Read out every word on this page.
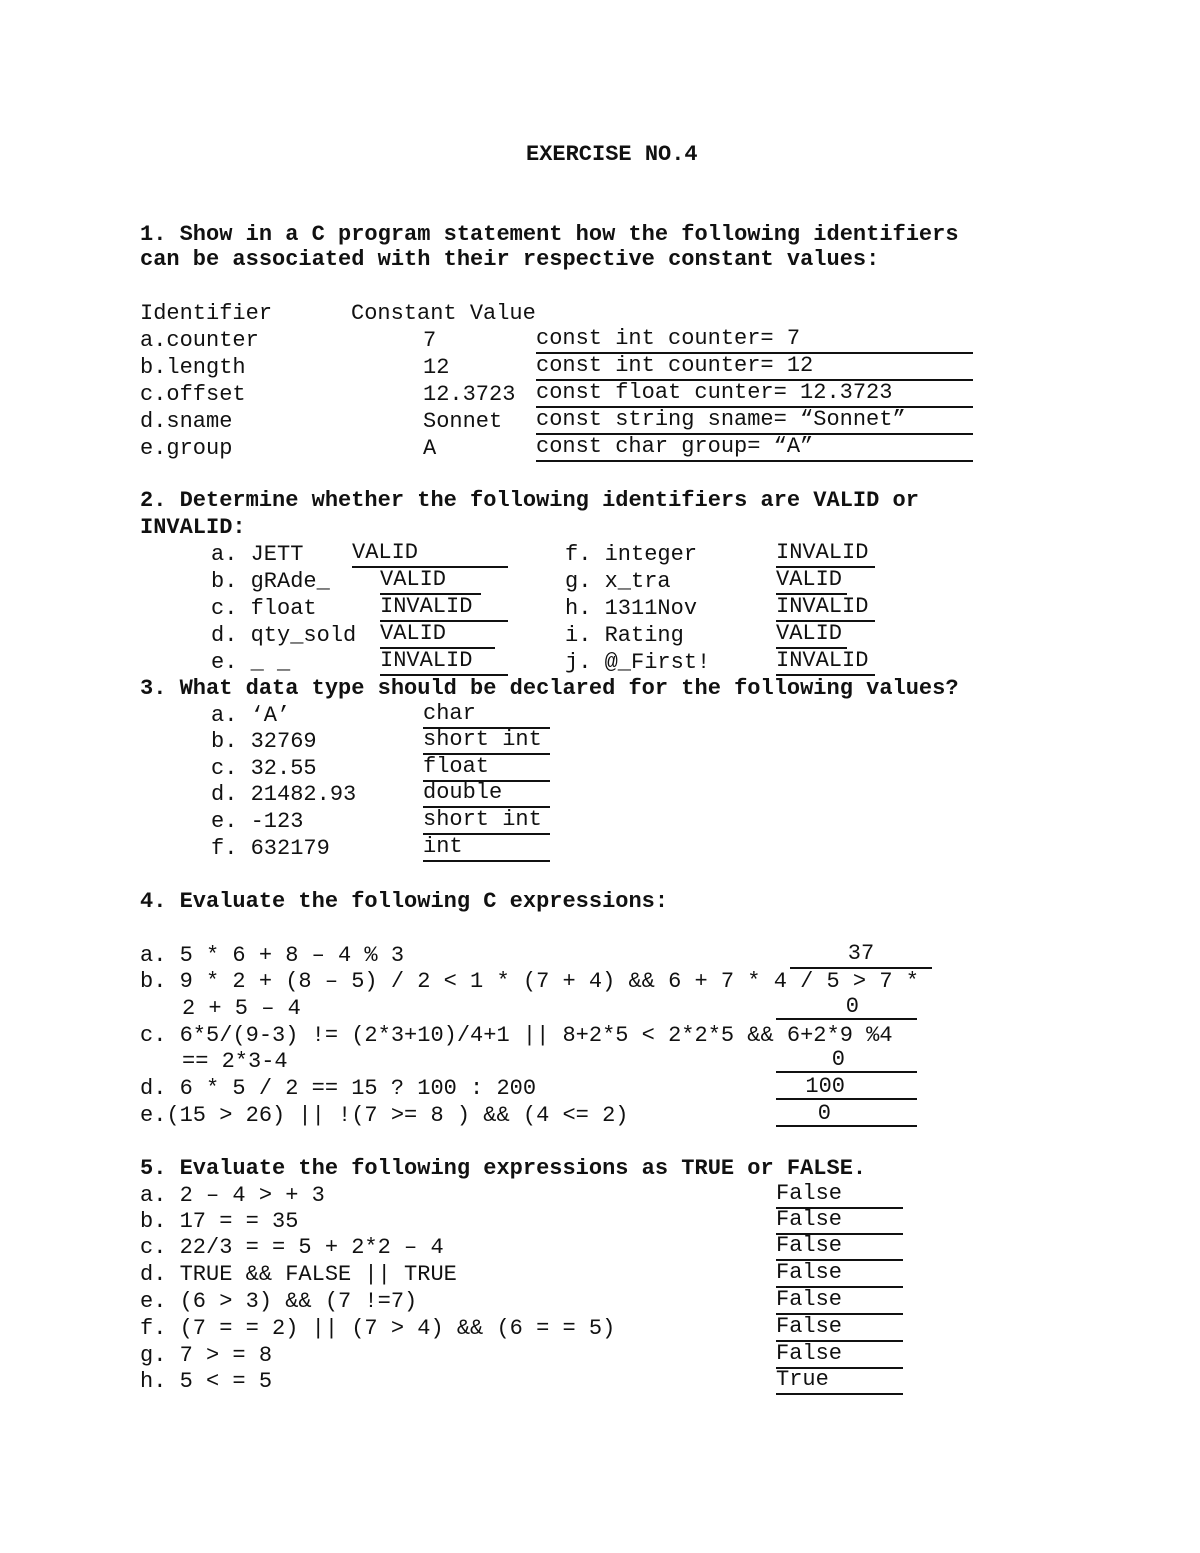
EXERCISE NO.4
1. Show in a C program statement how the following identifiers
can be associated with their respective constant values:
Identifier	Constant Value
a.counter	7	const int counter= 7
b.length	12	const int counter= 12
c.offset	12.3723 const float cunter= 12.3723
d.sname	Sonnet const string sname= “Sonnet”
e.group	A	const char group= “A”
2. Determine whether the following identifiers are VALID or
INVALID:
a. JETT VALID
b. gRAde_ VALID
c. float	INVALID
d. qty_sold VALID
e. _ _	INVALID
f. integer	INVALID
g. x_tra	VALID
h. 1311Nov	INVALID
i. Rating	VALID
j. @_First!	INVALID
3. What data type should be declared for the following values?
a. ‘A’	char
b. 32769	short int
c. 32.55	float
d. 21482.93	double
e. -123	short int
f. 632179	int
4. Evaluate the following C expressions:
a. 5 * 6 + 8 – 4 % 3	37
b. 9 * 2 + (8 – 5) / 2 < 1 * (7 + 4) && 6 + 7 * 4 / 5 > 7 *
2 + 5 – 4	0
c. 6*5/(9-3) != (2*3+10)/4+1 || 8+2*5 < 2*2*5 && 6+2*9 %4
== 2*3-4	0
d. 6 * 5 / 2 == 15 ? 100 : 200	100
e.(15 > 26) || !(7 >= 8 ) && (4 <= 2)	0
5. Evaluate the following expressions as TRUE or FALSE.
a. 2 – 4 > + 3	False
b. 17 = = 35	False
c. 22/3 = = 5 + 2*2 – 4	False
d. TRUE && FALSE || TRUE	False
e. (6 > 3) && (7 !=7)	False
f. (7 = = 2) || (7 > 4) && (6 = = 5)	False
g. 7 > = 8	False
h. 5 < = 5	True
